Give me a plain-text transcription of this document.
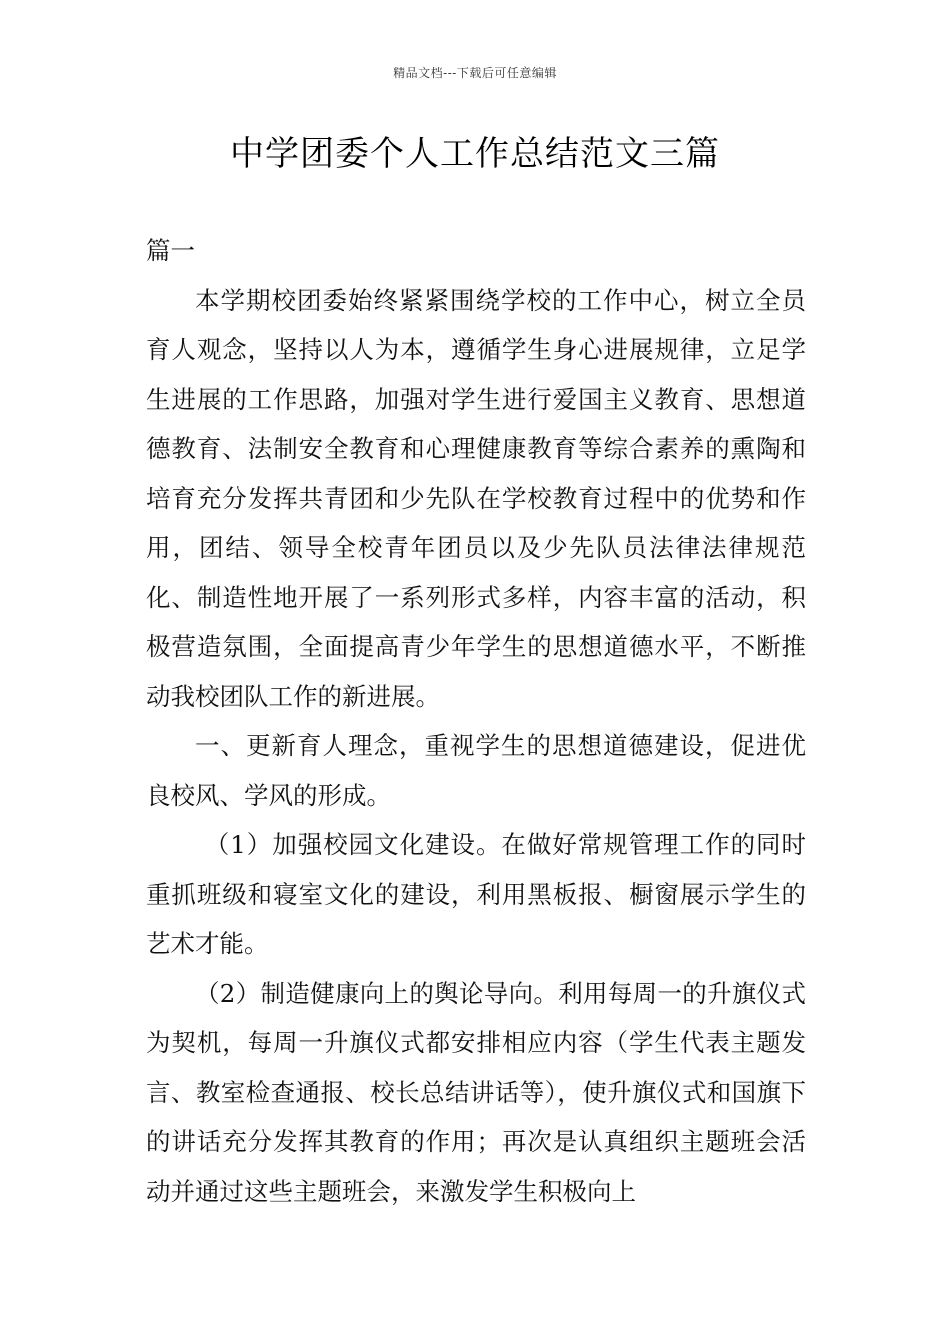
精品文档---下载后可任意编辑
中学团委个人工作总结范文三篇

篇一

本学期校团委始终紧紧围绕学校的工作中心，树立全员育人观念，坚持以人为本，遵循学生身心进展规律，立足学生进展的工作思路，加强对学生进行爱国主义教育、思想道德教育、法制安全教育和心理健康教育等综合素养的熏陶和培育充分发挥共青团和少先队在学校教育过程中的优势和作用，团结、领导全校青年团员以及少先队员法律法律规范化、制造性地开展了一系列形式多样，内容丰富的活动，积极营造氛围，全面提高青少年学生的思想道德水平，不断推动我校团队工作的新进展。

一、更新育人理念，重视学生的思想道德建设，促进优良校风、学风的形成。

（1）加强校园文化建设。在做好常规管理工作的同时重抓班级和寝室文化的建设，利用黑板报、橱窗展示学生的艺术才能。

（2）制造健康向上的舆论导向。利用每周一的升旗仪式为契机，每周一升旗仪式都安排相应内容（学生代表主题发言、教室检查通报、校长总结讲话等），使升旗仪式和国旗下的讲话充分发挥其教育的作用；再次是认真组织主题班会活动并通过这些主题班会，来激发学生积极向上
